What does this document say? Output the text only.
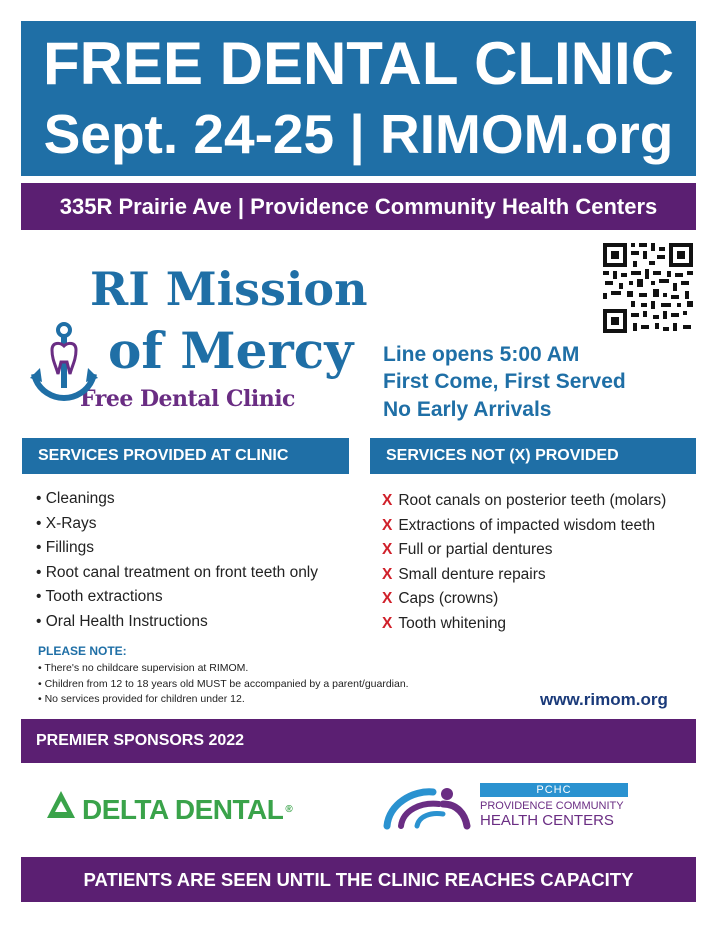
FREE DENTAL CLINIC
Sept. 24-25 | RIMOM.org
335R Prairie Ave | Providence Community Health Centers
RI Mission
of Mercy
Free Dental Clinic
Line opens 5:00 AM
First Come, First Served
No Early Arrivals
SERVICES PROVIDED AT CLINIC	SERVICES NOT (X) PROVIDED
• Cleanings
• X-Rays
• Fillings
• Root canal treatment on front teeth only
• Tooth extractions
• Oral Health Instructions
X Root canals on posterior teeth (molars)
X Extractions of impacted wisdom teeth
X Full or partial dentures
X Small denture repairs
X Caps (crowns)
X Tooth whitening
PLEASE NOTE:
• There's no childcare supervision at RIMOM.
• Children from 12 to 18 years old MUST be accompanied by a parent/guardian.
• No services provided for children under 12.	www.rimom.org
PREMIER SPONSORS 2022
DELTA DENTAL ®
PCHC
PROVIDENCE COMMUNITY
HEALTH CENTERS
PATIENTS ARE SEEN UNTIL THE CLINIC REACHES CAPACITY
